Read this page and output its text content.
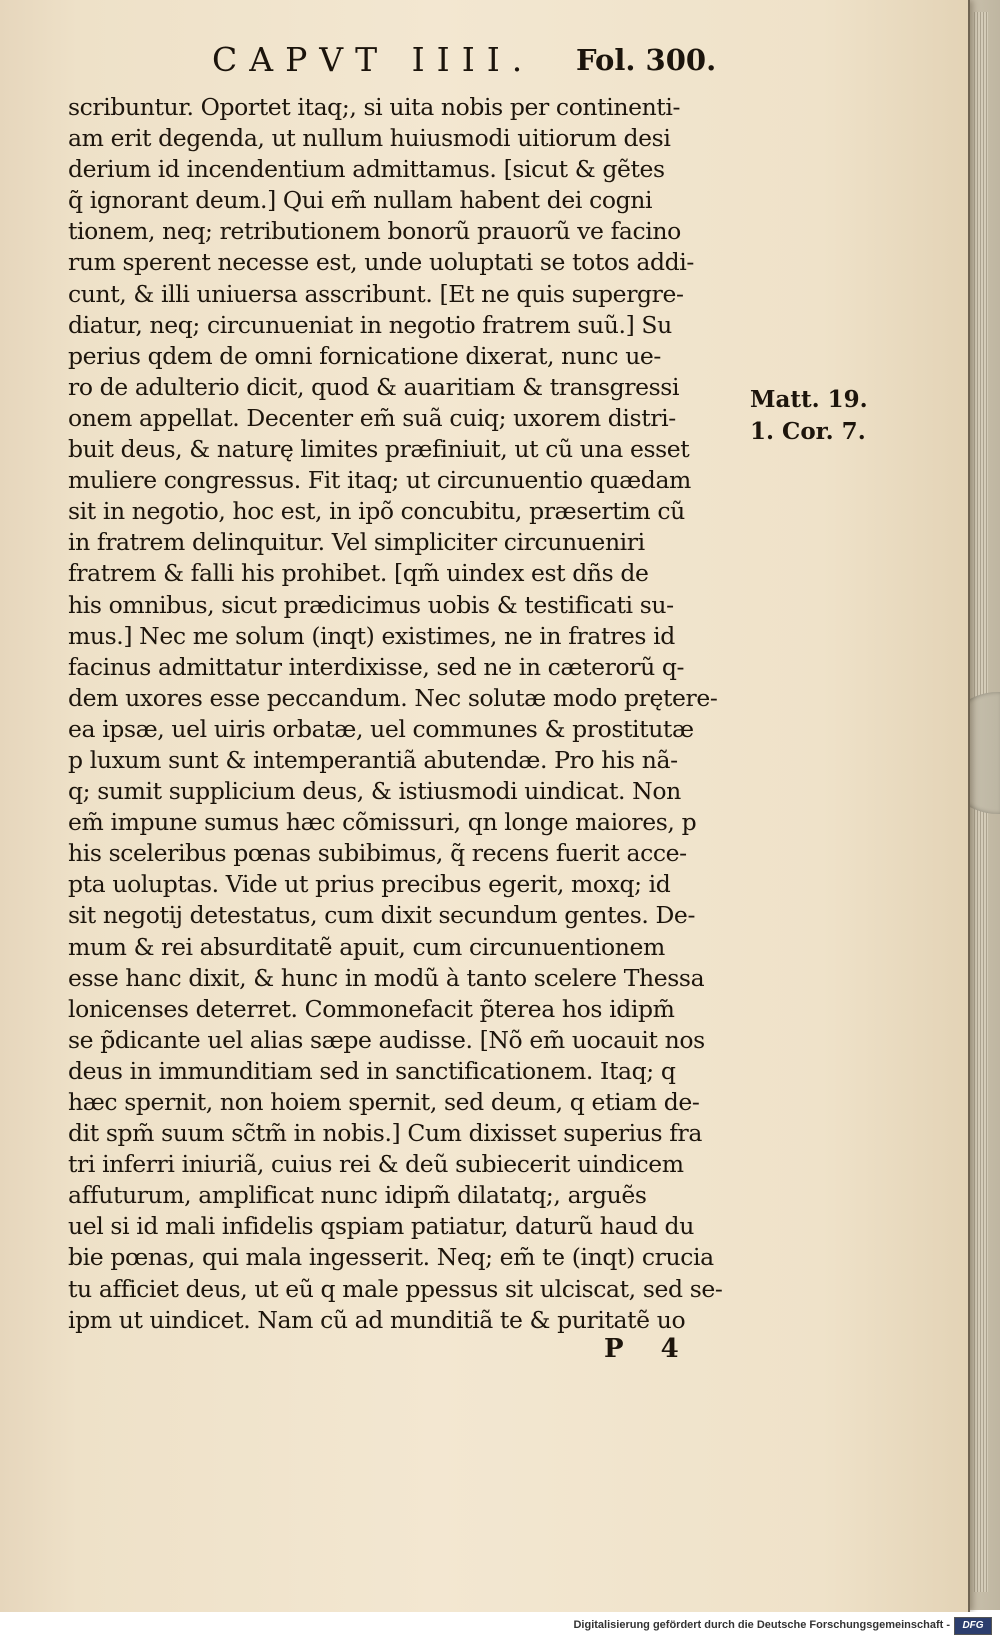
CAPVT IIII. Fol. 300.
scribuntur. Oportet itaq;, si uita nobis per continenti-
am erit degenda, ut nullum huiusmodi uitiorum desi
derium id incendentium admittamus. [sicut & gẽtes
q̃ ignorant deum.] Qui em̃ nullam habent dei cogni
tionem, neq; retributionem bonorũ prauorũ ve facino
rum sperent necesse est, unde uoluptati se totos addi-
cunt, & illi uniuersa asscribunt. [Et ne quis supergre-
diatur, neq; circunueniat in negotio fratrem suũ.] Su
perius qdem de omni fornicatione dixerat, nunc ue-
ro de adulterio dicit, quod & auaritiam & transgressi
onem appellat. Decenter em̃ suã cuiq; uxorem distri-
buit deus, & naturę limites præfiniuit, ut cũ una esset
muliere congressus. Fit itaq; ut circunuentio quædam
sit in negotio, hoc est, in ipõ concubitu, præsertim cũ
in fratrem delinquitur. Vel simpliciter circunueniri
fratrem & falli his prohibet. [qm̃ uindex est dñs de
his omnibus, sicut prædicimus uobis & testificati su-
mus.] Nec me solum (inqt) existimes, ne in fratres id
facinus admittatur interdixisse, sed ne in cæterorũ q-
dem uxores esse peccandum. Nec solutæ modo prętere-
ea ipsæ, uel uiris orbatæ, uel communes & prostitutæ
p luxum sunt & intemperantiã abutendæ. Pro his nã-
q; sumit supplicium deus, & istiusmodi uindicat. Non
em̃ impune sumus hæc cõmissuri, qn longe maiores, p
his sceleribus pœnas subibimus, q̃ recens fuerit acce-
pta uoluptas. Vide ut prius precibus egerit, moxq; id
sit negotij detestatus, cum dixit secundum gentes. De-
mum & rei absurditatẽ apuit, cum circunuentionem
esse hanc dixit, & hunc in modũ à tanto scelere Thessa
lonicenses deterret. Commonefacit p̃terea hos idipm̃
se p̃dicante uel alias sæpe audisse. [Nõ em̃ uocauit nos
deus in immunditiam sed in sanctificationem. Itaq; q
hæc spernit, non hoiem spernit, sed deum, q etiam de-
dit spm̃ suum sc̃tm̃ in nobis.] Cum dixisset superius fra
tri inferri iniuriã, cuius rei & deũ subiecerit uindicem
affuturum, amplificat nunc idipm̃ dilatatq;, arguẽs
uel si id mali infidelis qspiam patiatur, daturũ haud du
bie pœnas, qui mala ingesserit. Neq; em̃ te (inqt) crucia
tu afficiet deus, ut eũ q male ppessus sit ulciscat, sed se-
ipm ut uindicet. Nam cũ ad munditiã te & puritatẽ uo
Matt. 19.
1. Cor. 7.
P 4
Digitalisierung gefördert durch die Deutsche Forschungsgemeinschaft -	DFG
